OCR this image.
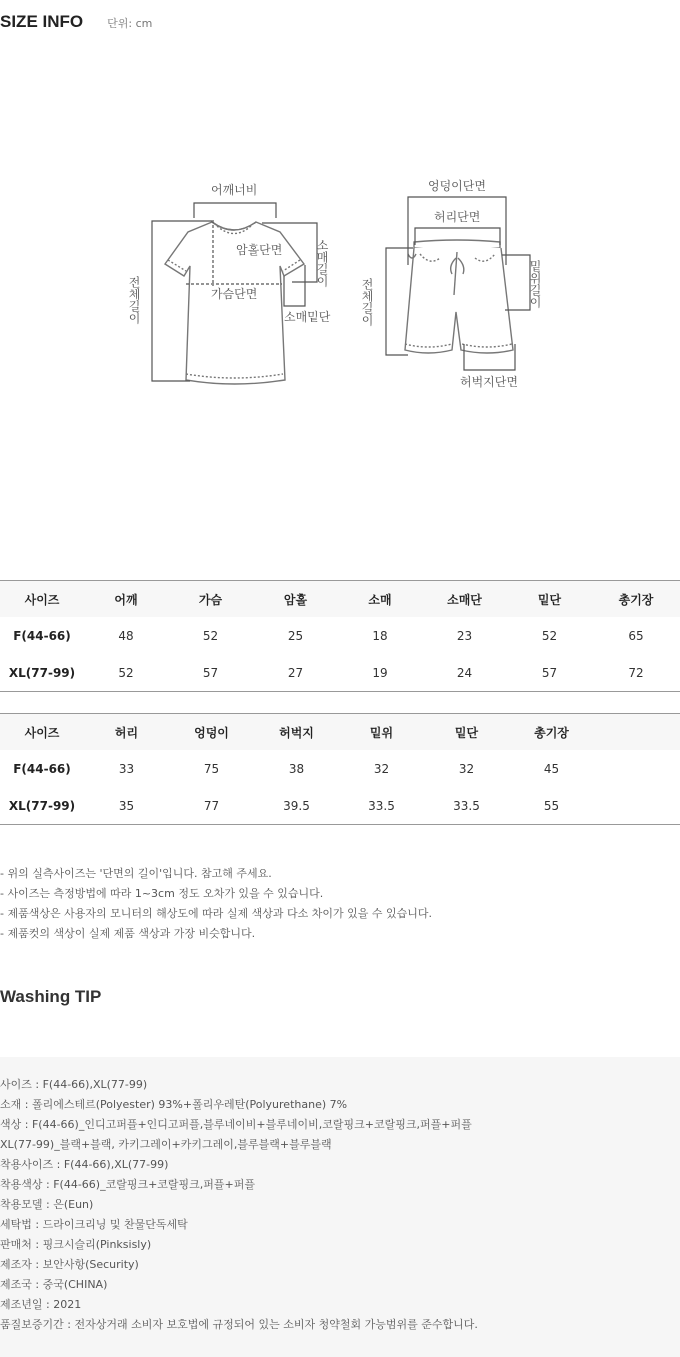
SIZE INFO 단위: cm
어깨너비
암홀단면
가슴단면
소매길이
전체길이	소매밑단
엉덩이단면
허리단면
전체길이	밑위길이
허벅지단면
사이즈	어깨	가슴	암홀	소매	소매단	밑단	총기장
F(44-66)	48	52	25	18	23	52	65
XL(77-99)	52	57	27	19	24	57	72
사이즈	허리	엉덩이	허벅지	밑위	밑단	총기장	
F(44-66)	33	75	38	32	32	45	
XL(77-99)	35	77	39.5	33.5	33.5	55	
- 위의 실측사이즈는 '단면의 길이'입니다. 참고해 주세요.
- 사이즈는 측정방법에 따라 1~3cm 정도 오차가 있을 수 있습니다.
- 제품색상은 사용자의 모니터의 해상도에 따라 실제 색상과 다소 차이가 있을 수 있습니다.
- 제품컷의 색상이 실제 제품 색상과 가장 비슷합니다.
Washing TIP
사이즈 : F(44-66),XL(77-99)
소재 : 폴리에스테르(Polyester) 93%+폴리우레탄(Polyurethane) 7%
색상 : F(44-66)_인디고퍼플+인디고퍼플,블루네이비+블루네이비,코랄핑크+코랄핑크,퍼플+퍼플
XL(77-99)_블랙+블랙, 카키그레이+카키그레이,블루블랙+블루블랙
착용사이즈 : F(44-66),XL(77-99)
착용색상 : F(44-66)_코랄핑크+코랄핑크,퍼플+퍼플
착용모델 : 은(Eun)
세탁법 : 드라이크리닝 및 찬물단독세탁
판매처 : 핑크시슬리(Pinksisly)
제조자 : 보안사항(Security)
제조국 : 중국(CHINA)
제조년일 : 2021
품질보증기간 : 전자상거래 소비자 보호법에 규정되어 있는 소비자 청약철회 가능범위를 준수합니다.
